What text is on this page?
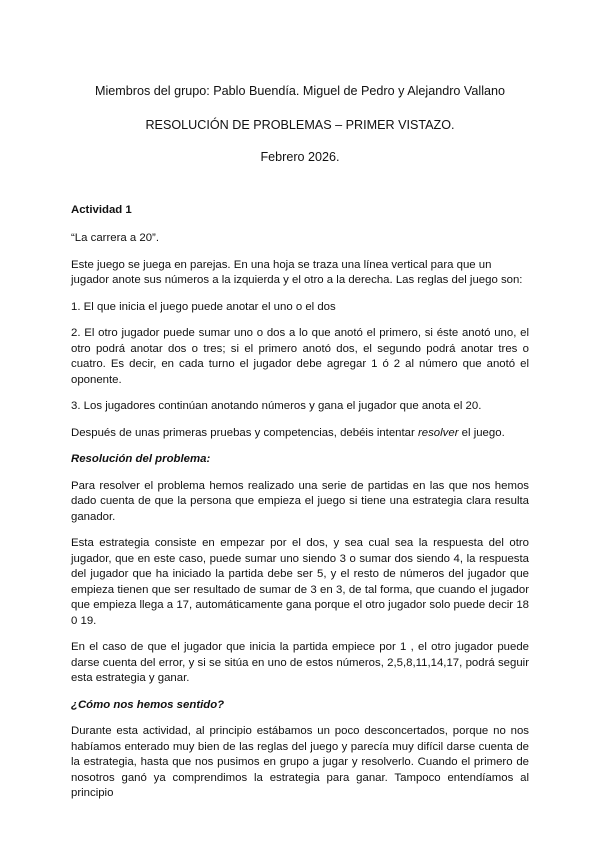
Miembros del grupo: Pablo Buendía. Miguel de Pedro y Alejandro Vallano

RESOLUCIÓN DE PROBLEMAS – PRIMER VISTAZO.

Febrero 2026.

Actividad 1

“La carrera a 20”.

Este juego se juega en parejas. En una hoja se traza una línea vertical para que un jugador anote sus números a la izquierda y el otro a la derecha. Las reglas del juego son:

1. El que inicia el juego puede anotar el uno o el dos

2. El otro jugador puede sumar uno o dos a lo que anotó el primero, si éste anotó uno, el otro podrá anotar dos o tres; si el primero anotó dos, el segundo podrá anotar tres o cuatro. Es decir, en cada turno el jugador debe agregar 1 ó 2 al número que anotó el oponente.

3. Los jugadores continúan anotando números y gana el jugador que anota el 20.

Después de unas primeras pruebas y competencias, debéis intentar resolver el juego.

Resolución del problema:

Para resolver el problema hemos realizado una serie de partidas en las que nos hemos dado cuenta de que la persona que empieza el juego si tiene una estrategia clara resulta ganador.

Esta estrategia consiste en empezar por el dos, y sea cual sea la respuesta del otro jugador, que en este caso, puede sumar uno siendo 3 o sumar dos siendo 4, la respuesta del jugador que ha iniciado la partida debe ser 5, y el resto de números del jugador que empieza tienen que ser resultado de sumar de 3 en 3, de tal forma, que cuando el jugador que empieza llega a 17, automáticamente gana porque el otro jugador solo puede decir 18 0 19.

En el caso de que el jugador que inicia la partida empiece por 1 , el otro jugador puede darse cuenta del error, y si se sitúa en uno de estos números, 2,5,8,11,14,17, podrá seguir esta estrategia y ganar.

¿Cómo nos hemos sentido?

Durante esta actividad, al principio estábamos un poco desconcertados, porque no nos habíamos enterado muy bien de las reglas del juego y parecía muy difícil darse cuenta de la estrategia, hasta que nos pusimos en grupo a jugar y resolverlo. Cuando el primero de nosotros ganó ya comprendimos la estrategia para ganar. Tampoco entendíamos al principio
